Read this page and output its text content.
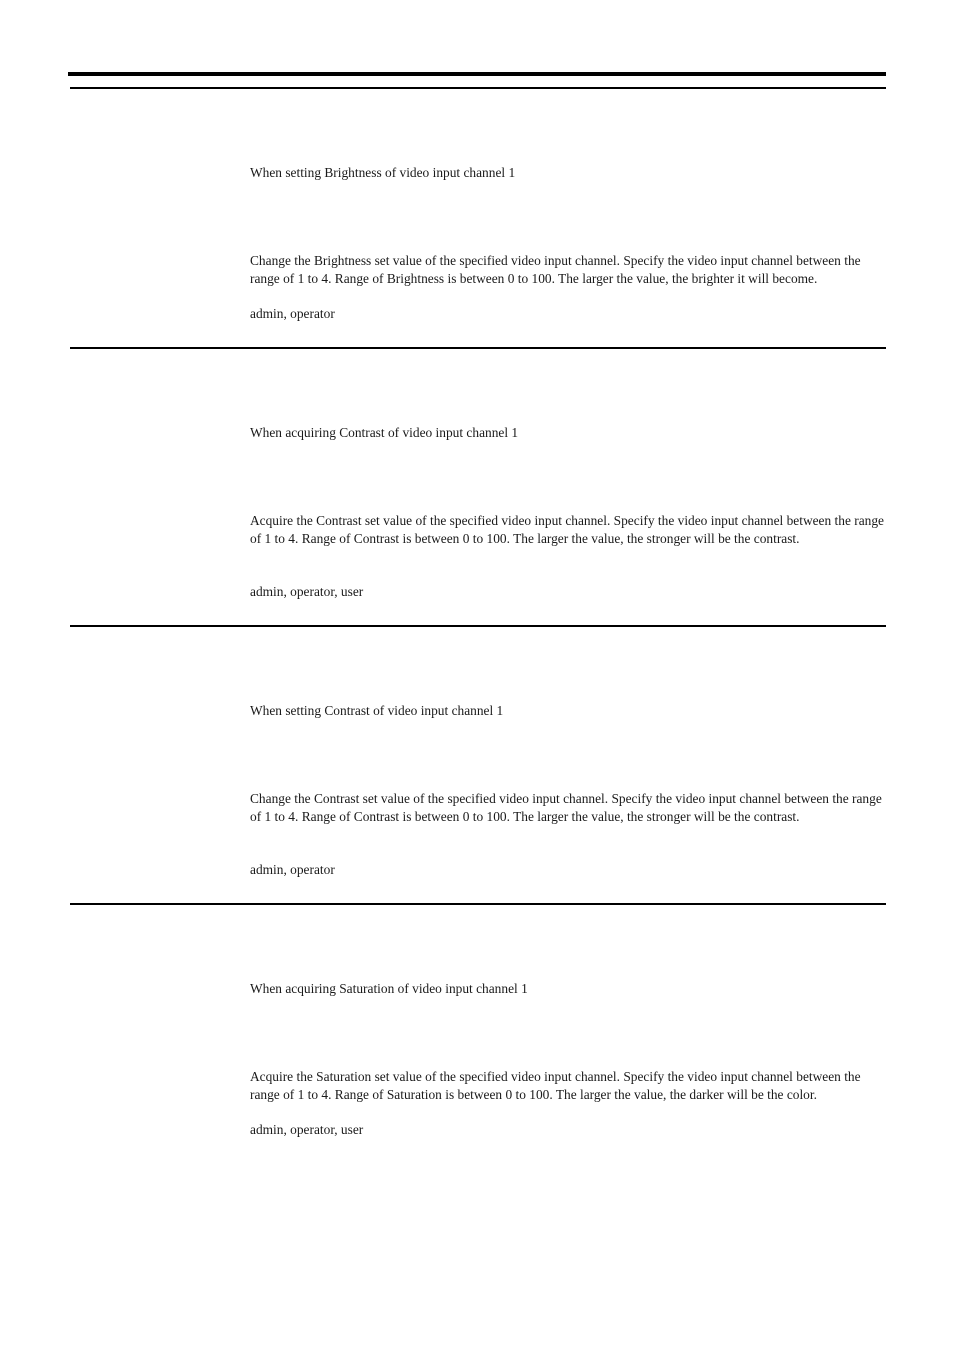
When setting Brightness of video input channel 1
Change the Brightness set value of the specified video input channel. Specify the video input channel between the range of 1 to 4. Range of Brightness is between 0 to 100. The larger the value, the brighter it will become.
admin, operator
When acquiring Contrast of video input channel 1
Acquire the Contrast set value of the specified video input channel. Specify the video input channel between the range of 1 to 4. Range of Contrast is between 0 to 100. The larger the value, the stronger will be the contrast.
admin, operator, user
When setting Contrast of video input channel 1
Change the Contrast set value of the specified video input channel. Specify the video input channel between the range of 1 to 4. Range of Contrast is between 0 to 100. The larger the value, the stronger will be the contrast.
admin, operator
When acquiring Saturation of video input channel 1
Acquire the Saturation set value of the specified video input channel. Specify the video input channel between the range of 1 to 4. Range of Saturation is between 0 to 100. The larger the value, the darker will be the color.
admin, operator, user
